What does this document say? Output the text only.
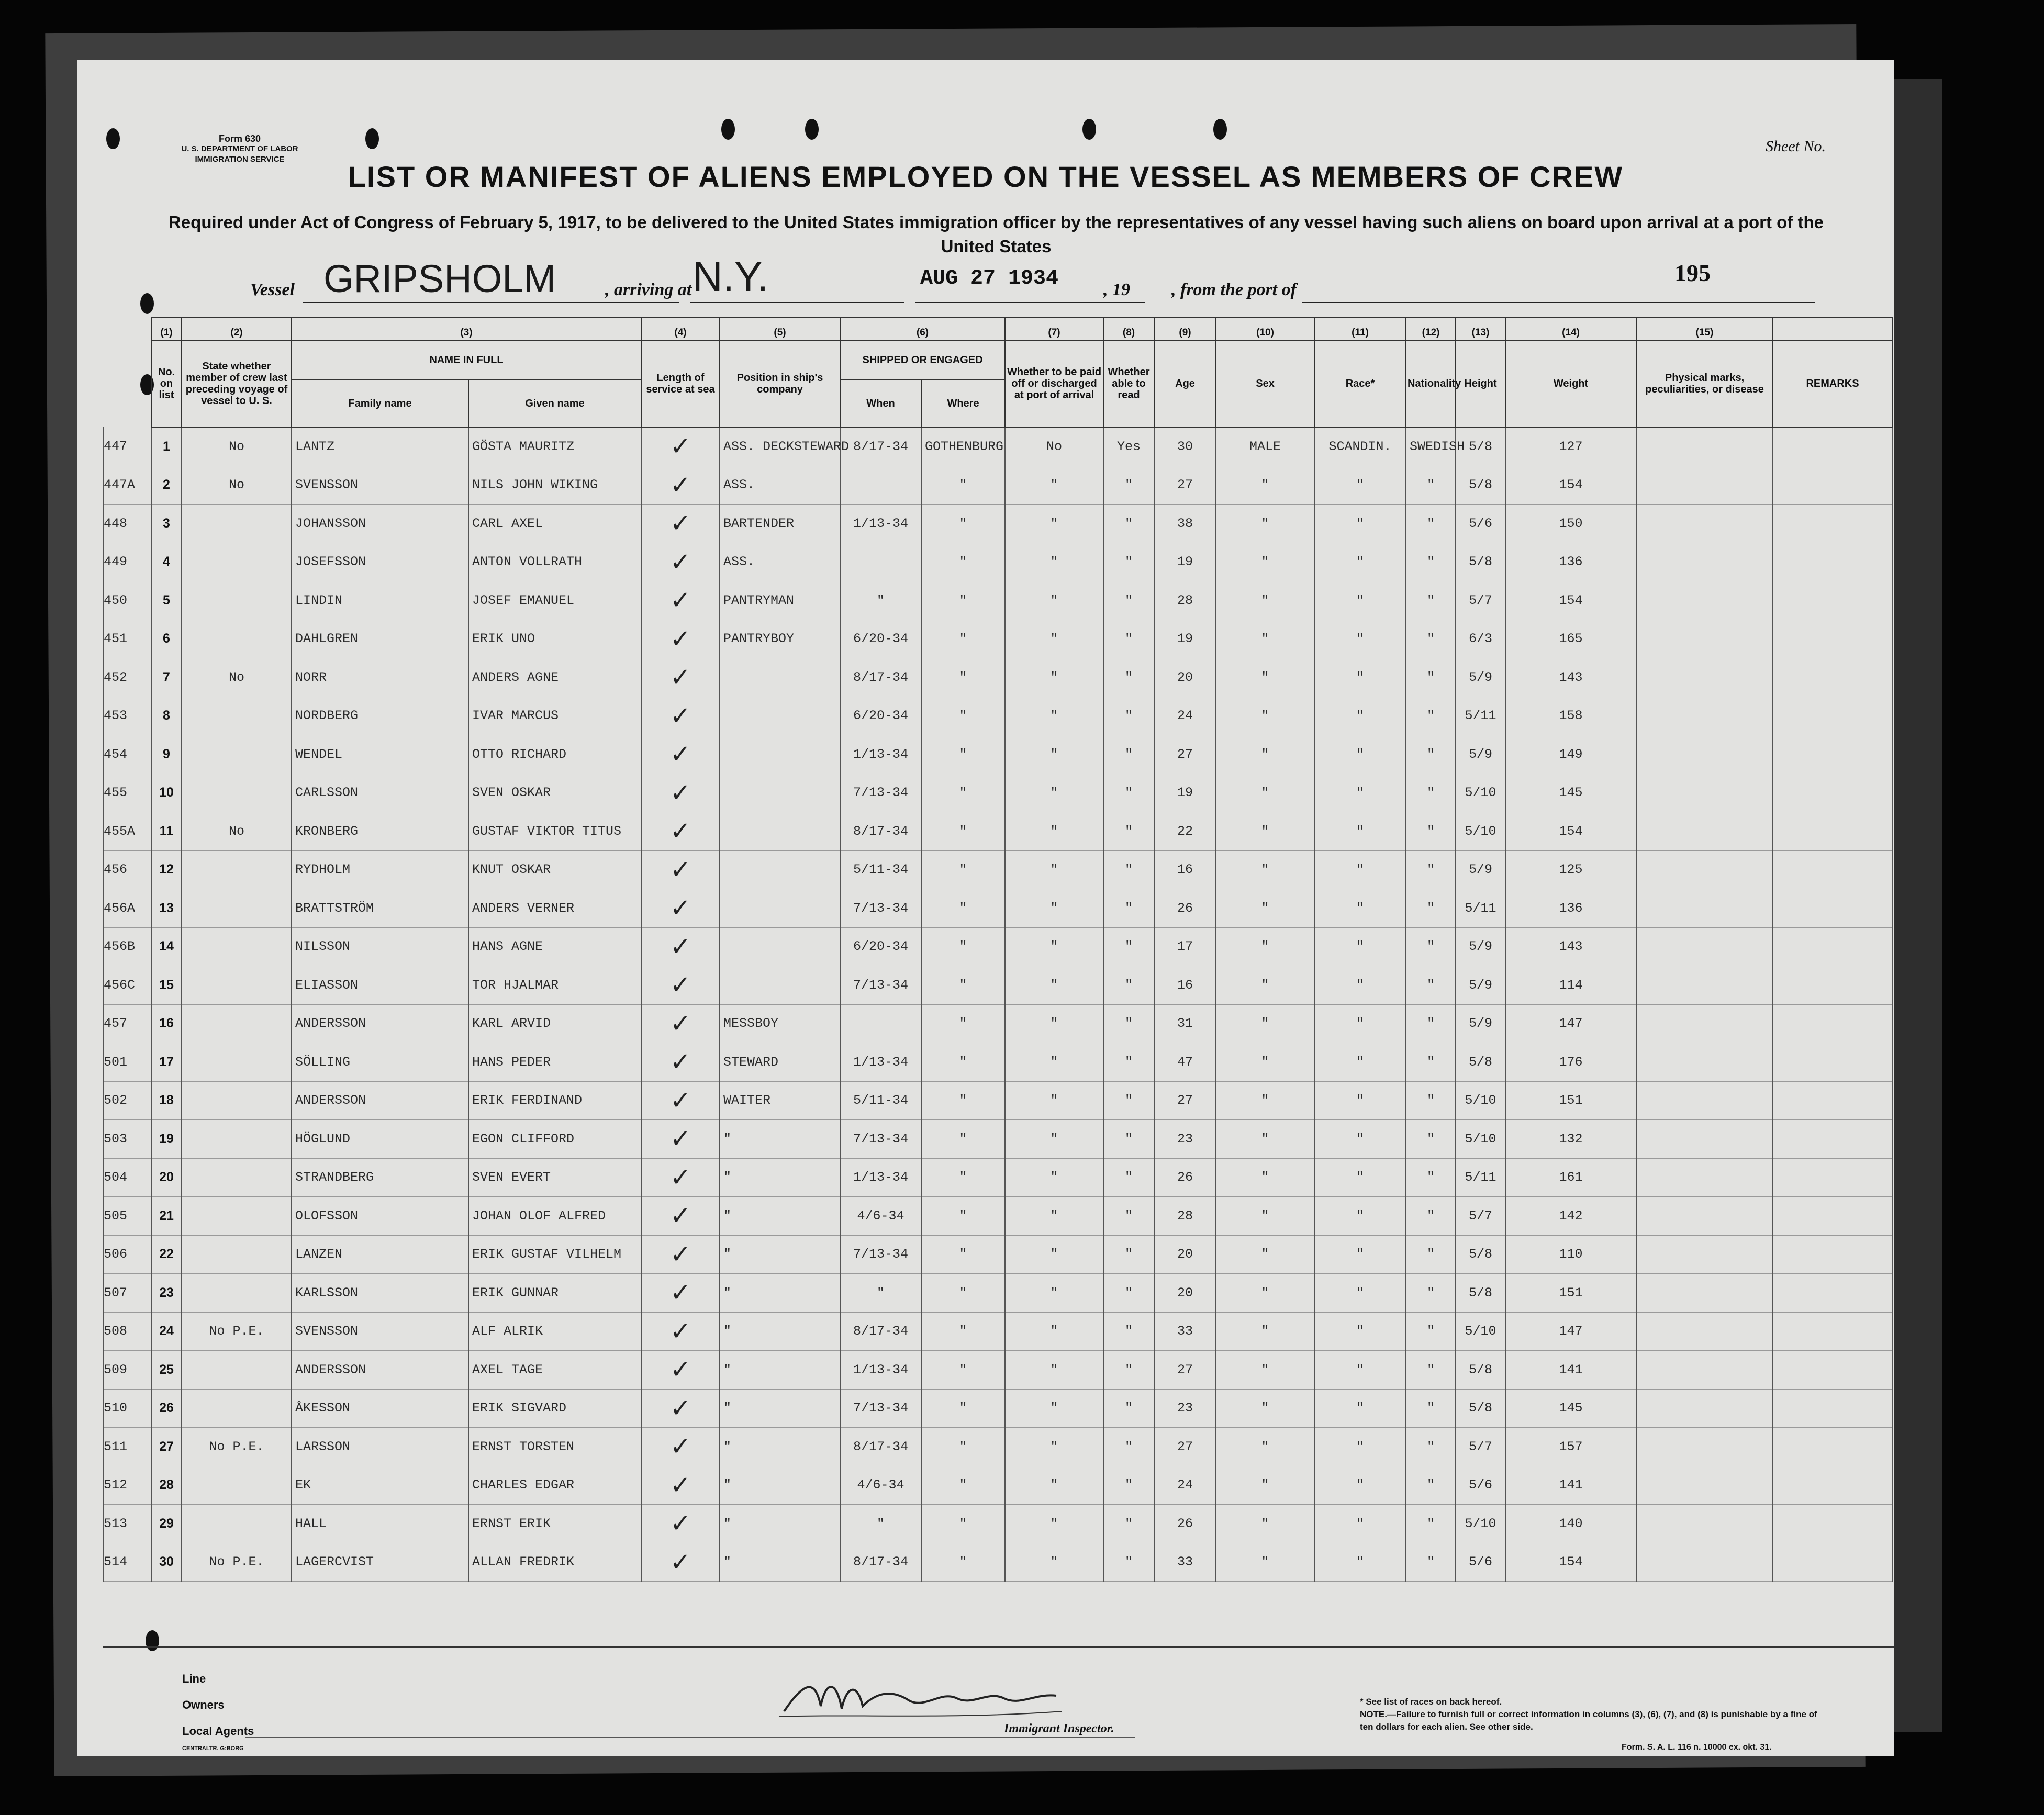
Form 630
U. S. DEPARTMENT OF LABOR
IMMIGRATION SERVICE
Sheet No.
LIST OR MANIFEST OF ALIENS EMPLOYED ON THE VESSEL AS MEMBERS OF CREW
Required under Act of Congress of February 5, 1917, to be delivered to the United States immigration officer by the representatives of any vessel having such aliens on board upon arrival at a port of the United States
Vessel GRIPSHOLM	, arriving at N.Y.	AUG 27 1934	, 19 , from the port of
195
	(1)	(2)	(3)		(4)	(5)	(6)		(7)	(8)	(9)	(10)	(11)	(12)	(13)	(14)	(15)	
	No. on list	State whether member of crew last preceding voyage of vessel to U. S.	NAME IN FULL		Length of service at sea	Position in ship's company	SHIPPED OR ENGAGED		Whether to be paid off or discharged at port of arrival	Whether able to read	Age	Sex	Race*	Nationality	Height	Weight	Physical marks, peculiarities, or disease	REMARKS
			Family name	Given name			When	Where										
447	1	No	LANTZ	GÖSTA MAURITZ	✓	ASS. DECKSTEWARD	8/17-34	GOTHENBURG	No	Yes	30	MALE	SCANDIN.	SWEDISH	5/8	127		
447A	2	No	SVENSSON	NILS JOHN WIKING	✓	ASS.		"	"	"	27	"	"	"	5/8	154		
448	3		JOHANSSON	CARL AXEL	✓	BARTENDER	1/13-34	"	"	"	38	"	"	"	5/6	150		
449	4		JOSEFSSON	ANTON VOLLRATH	✓	ASS.		"	"	"	19	"	"	"	5/8	136		
450	5		LINDIN	JOSEF EMANUEL	✓	PANTRYMAN	"	"	"	"	28	"	"	"	5/7	154		
451	6		DAHLGREN	ERIK UNO	✓	PANTRYBOY	6/20-34	"	"	"	19	"	"	"	6/3	165		
452	7	No	NORR	ANDERS AGNE	✓		8/17-34	"	"	"	20	"	"	"	5/9	143		
453	8		NORDBERG	IVAR MARCUS	✓		6/20-34	"	"	"	24	"	"	"	5/11	158		
454	9		WENDEL	OTTO RICHARD	✓		1/13-34	"	"	"	27	"	"	"	5/9	149		
455	10		CARLSSON	SVEN OSKAR	✓		7/13-34	"	"	"	19	"	"	"	5/10	145		
455A	11	No	KRONBERG	GUSTAF VIKTOR TITUS	✓		8/17-34	"	"	"	22	"	"	"	5/10	154		
456	12		RYDHOLM	KNUT OSKAR	✓		5/11-34	"	"	"	16	"	"	"	5/9	125		
456A	13		BRATTSTRÖM	ANDERS VERNER	✓		7/13-34	"	"	"	26	"	"	"	5/11	136		
456B	14		NILSSON	HANS AGNE	✓		6/20-34	"	"	"	17	"	"	"	5/9	143		
456C	15		ELIASSON	TOR HJALMAR	✓		7/13-34	"	"	"	16	"	"	"	5/9	114		
457	16		ANDERSSON	KARL ARVID	✓	MESSBOY		"	"	"	31	"	"	"	5/9	147		
501	17		SÖLLING	HANS PEDER	✓	STEWARD	1/13-34	"	"	"	47	"	"	"	5/8	176		
502	18		ANDERSSON	ERIK FERDINAND	✓	WAITER	5/11-34	"	"	"	27	"	"	"	5/10	151		
503	19		HÖGLUND	EGON CLIFFORD	✓	"	7/13-34	"	"	"	23	"	"	"	5/10	132		
504	20		STRANDBERG	SVEN EVERT	✓	"	1/13-34	"	"	"	26	"	"	"	5/11	161		
505	21		OLOFSSON	JOHAN OLOF ALFRED	✓	"	4/6-34	"	"	"	28	"	"	"	5/7	142		
506	22		LANZEN	ERIK GUSTAF VILHELM	✓	"	7/13-34	"	"	"	20	"	"	"	5/8	110		
507	23		KARLSSON	ERIK GUNNAR	✓	"	"	"	"	"	20	"	"	"	5/8	151		
508	24	No P.E.	SVENSSON	ALF ALRIK	✓	"	8/17-34	"	"	"	33	"	"	"	5/10	147		
509	25		ANDERSSON	AXEL TAGE	✓	"	1/13-34	"	"	"	27	"	"	"	5/8	141		
510	26		ÅKESSON	ERIK SIGVARD	✓	"	7/13-34	"	"	"	23	"	"	"	5/8	145		
511	27	No P.E.	LARSSON	ERNST TORSTEN	✓	"	8/17-34	"	"	"	27	"	"	"	5/7	157		
512	28		EK	CHARLES EDGAR	✓	"	4/6-34	"	"	"	24	"	"	"	5/6	141		
513	29		HALL	ERNST ERIK	✓	"	"	"	"	"	26	"	"	"	5/10	140		
514	30	No P.E.	LAGERCVIST	ALLAN FREDRIK	✓	"	8/17-34	"	"	"	33	"	"	"	5/6	154		
Line
Owners
Local Agents	Immigrant Inspector.
* See list of races on back hereof.
NOTE.—Failure to furnish full or correct information in columns (3), (6), (7), and (8) is punishable by a fine of ten dollars for each alien. See other side.
Form. S. A. L. 116 n. 10000 ex. okt. 31.
CENTRALTR. G:BORG
